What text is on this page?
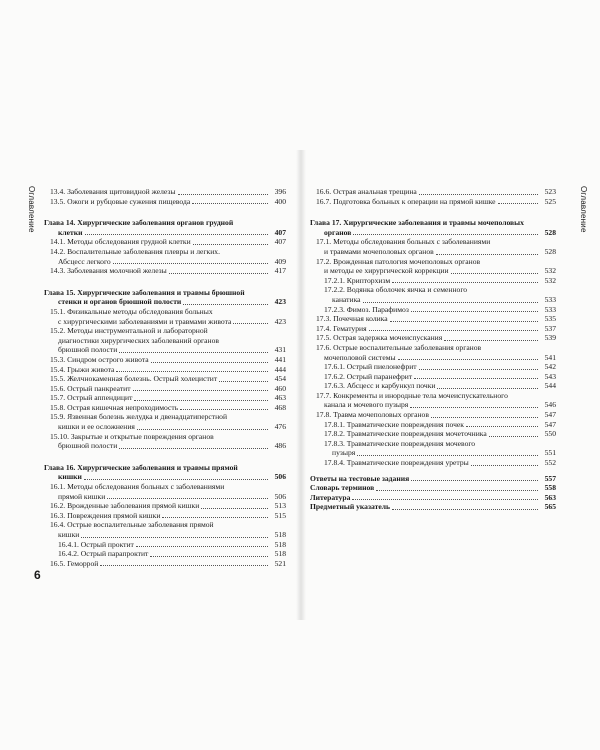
Оглавление	Оглавление
13.4. Заболевания щитовидной железы	396
13.5. Ожоги и рубцовые сужения пищевода	400
Глава 14. Хирургические заболевания органов грудной
клетки	407
14.1. Методы обследования грудной клетки	407
14.2. Воспалительные заболевания плевры и легких.
Абсцесс легкого	409
14.3. Заболевания молочной железы	417
Глава 15. Хирургические заболевания и травмы брюшной
стенки и органов брюшной полости	423
15.1. Физикальные методы обследования больных
с хирургическими заболеваниями и травмами живота	423
15.2. Методы инструментальной и лабораторной
диагностики хирургических заболеваний органов
брюшной полости	431
15.3. Синдром острого живота	441
15.4. Грыжи живота	444
15.5. Желчнокаменная болезнь. Острый холецистит	454
15.6. Острый панкреатит	460
15.7. Острый аппендицит	463
15.8. Острая кишечная непроходимость	468
15.9. Язвенная болезнь желудка и двенадцатиперстной
кишки и ее осложнения	476
15.10. Закрытые и открытые повреждения органов
брюшной полости	486
Глава 16. Хирургические заболевания и травмы прямой
кишки	506
16.1. Методы обследования больных с заболеваниями
прямой кишки	506
16.2. Врожденные заболевания прямой кишки	513
16.3. Повреждения прямой кишки	515
16.4. Острые воспалительные заболевания прямой
кишки	518
16.4.1. Острый проктит	518
16.4.2. Острый парапроктит	518
16.5. Геморрой	521
16.6. Острая анальная трещина	523
16.7. Подготовка больных к операции на прямой кишке	525
Глава 17. Хирургические заболевания и травмы мочеполовых
органов	528
17.1. Методы обследования больных с заболеваниями
и травмами мочеполовых органов	528
17.2. Врожденная патология мочеполовых органов
и методы ее хирургической коррекции	532
17.2.1. Крипторхизм	532
17.2.2. Водянка оболочек яичка и семенного
канатика	533
17.2.3. Фимоз. Парафимоз	533
17.3. Почечная колика	535
17.4. Гематурия	537
17.5. Острая задержка мочеиспускания	539
17.6. Острые воспалительные заболевания органов
мочеполовой системы	541
17.6.1. Острый пиелонефрит	542
17.6.2. Острый паранефрит	543
17.6.3. Абсцесс и карбункул почки	544
17.7. Конкременты и инородные тела мочеиспускательного
канала и мочевого пузыря	546
17.8. Травма мочеполовых органов	547
17.8.1. Травматические повреждения почек	547
17.8.2. Травматические повреждения мочеточника	550
17.8.3. Травматические повреждения мочевого
пузыря	551
17.8.4. Травматические повреждения уретры	552
Ответы на тестовые задания	557
Словарь терминов	558
Литература	563
Предметный указатель	565
6
